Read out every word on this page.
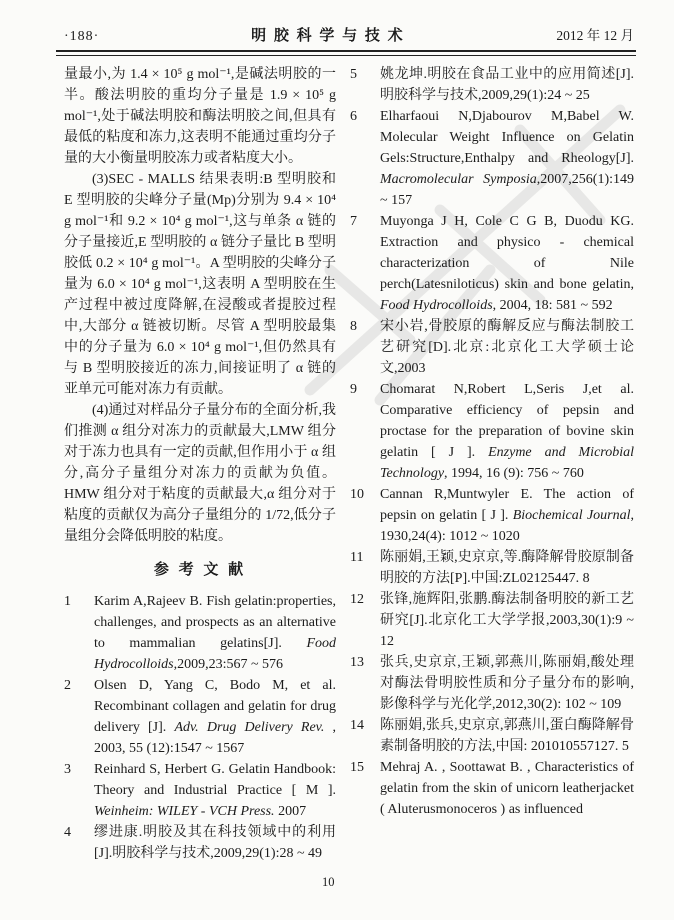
·188·	明 胶 科 学 与 技 术	2012 年 12 月

量最小,为 1.4 × 10⁵ g mol⁻¹,是碱法明胶的一半。酸法明胶的重均分子量是 1.9 × 10⁵ g mol⁻¹,处于碱法明胶和酶法明胶之间,但具有最低的粘度和冻力,这表明不能通过重均分子量的大小衡量明胶冻力或者粘度大小。

(3)SEC - MALLS 结果表明:B 型明胶和 E 型明胶的尖峰分子量(Mp)分别为 9.4 × 10⁴ g mol⁻¹和 9.2 × 10⁴ g mol⁻¹,这与单条 α 链的分子量接近,E 型明胶的 α 链分子量比 B 型明胶低 0.2 × 10⁴ g mol⁻¹。A 型明胶的尖峰分子量为 6.0 × 10⁴ g mol⁻¹,这表明 A 型明胶在生产过程中被过度降解,在浸酸或者提胶过程中,大部分 α 链被切断。尽管 A 型明胶最集中的分子量为 6.0 × 10⁴ g mol⁻¹,但仍然具有与 B 型明胶接近的冻力,间接证明了 α 链的亚单元可能对冻力有贡献。

(4)通过对样品分子量分布的全面分析,我们推测 α 组分对冻力的贡献最大,LMW 组分对于冻力也具有一定的贡献,但作用小于 α 组分,高分子量组分对冻力的贡献为负值。HMW 组分对于粘度的贡献最大,α 组分对于粘度的贡献仅为高分子量组分的 1/72,低分子量组分会降低明胶的粘度。

参 考 文 献
1	Karim A,Rajeev B. Fish gelatin:properties, challenges, and prospects as an alternative to mammalian gelatins[J]. Food Hydrocolloids,2009,23:567 ~ 576
2	Olsen D, Yang C, Bodo M, et al. Recombinant collagen and gelatin for drug delivery [J]. Adv. Drug Delivery Rev. , 2003, 55 (12):1547 ~ 1567
3	Reinhard S, Herbert G. Gelatin Handbook: Theory and Industrial Practice [ M ]. Weinheim: WILEY - VCH Press. 2007
4	缪进康.明胶及其在科技领域中的利用[J].明胶科学与技术,2009,29(1):28 ~ 49
5	姚龙坤.明胶在食品工业中的应用简述[J].明胶科学与技术,2009,29(1):24 ~ 25
6	Elharfaoui N,Djabourov M,Babel W. Molecular Weight Influence on Gelatin Gels:Structure,Enthalpy and Rheology[J]. Macromolecular Symposia,2007,256(1):149 ~ 157
7	Muyonga J H, Cole C G B, Duodu KG. Extraction and physico - chemical characterization of Nile perch(Latesniloticus) skin and bone gelatin, Food Hydrocolloids, 2004, 18: 581 ~ 592
8	宋小岩,骨胶原的酶解反应与酶法制胶工艺研究[D].北京:北京化工大学硕士论文,2003
9	Chomarat N,Robert L,Seris J,et al. Comparative efficiency of pepsin and proctase for the preparation of bovine skin gelatin [ J ]. Enzyme and Microbial Technology, 1994, 16 (9): 756 ~ 760
10	Cannan R,Muntwyler E. The action of pepsin on gelatin [ J ]. Biochemical Journal, 1930,24(4): 1012 ~ 1020
11	陈丽娟,王颖,史京京,等.酶降解骨胶原制备明胶的方法[P].中国:ZL02125447. 8
12	张锋,施辉阳,张鹏.酶法制备明胶的新工艺研究[J].北京化工大学学报,2003,30(1):9 ~ 12
13	张兵,史京京,王颖,郭燕川,陈丽娟,酸处理对酶法骨明胶性质和分子量分布的影响,影像科学与光化学,2012,30(2): 102 ~ 109
14	陈丽娟,张兵,史京京,郭燕川,蛋白酶降解骨素制备明胶的方法,中国: 201010557127. 5
15	Mehraj A. , Soottawat B. , Characteristics of gelatin from the skin of unicorn leatherjacket ( Aluterusmonoceros ) as influenced
10
